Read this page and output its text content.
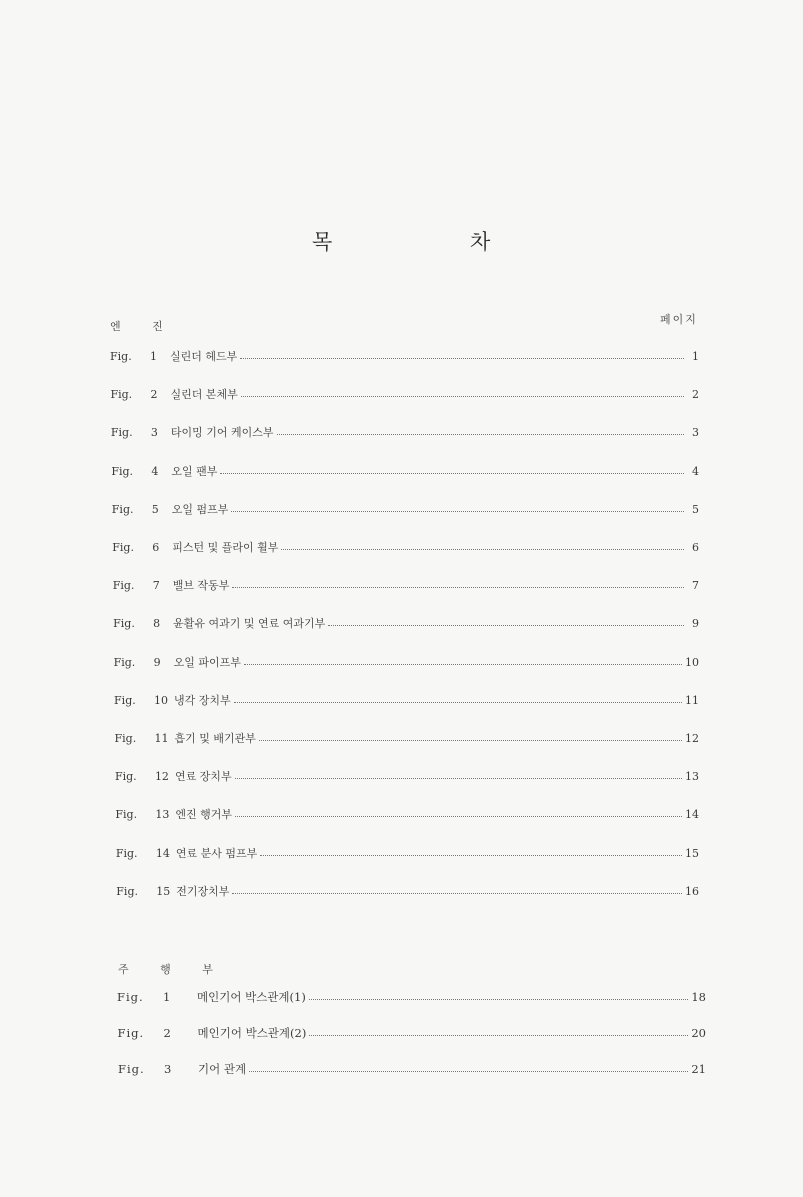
목	차
페이지
엔 진
Fig.	1	실린더 헤드부	1
Fig.	2	실린더 본체부	2
Fig.	3	타이밍 기어 케이스부	3
Fig.	4	오일 팬부	4
Fig.	5	오일 펌프부	5
Fig.	6	피스턴 및 플라이 휠부	6
Fig.	7	밸브 작동부	7
Fig.	8	윤활유 여과기 및 연료 여과기부	9
Fig.	9	오일 파이프부	10
Fig.	10 냉각 장치부	11
Fig.	11 흡기 및 배기관부	12
Fig.	12 연료 장치부	13
Fig.	13 엔진 행거부	14
Fig.	14 연료 분사 펌프부	15
Fig.	15 전기장치부	16
주 행 부
Fig.	1	메인기어 박스관계(1)	18
Fig.	2	메인기어 박스관계(2)	20
Fig.	3	기어 관계	21
